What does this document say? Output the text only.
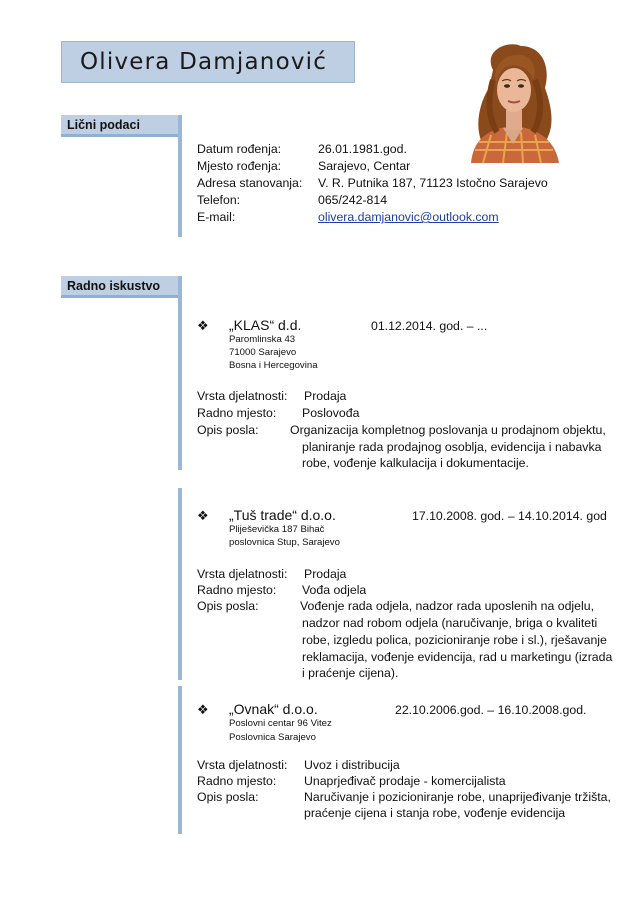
Olivera Damjanović
Lični podaci
Datum rođenja:	26.01.1981.god.
Mjesto rođenja:	Sarajevo, Centar
Adresa stanovanja: V. R. Putnika 187, 71123 Istočno Sarajevo
Telefon:	065/242-814
E-mail:	olivera.damjanovic@outlook.com
Radno iskustvo
❖ „KLAS“ d.d.	01.12.2014. god. – ...
Paromlinska 43
71000 Sarajevo
Bosna i Hercegovina
Vrsta djelatnosti: Prodaja
Radno mjesto: Poslovođa
Opis posla:	Organizacija kompletnog poslovanja u prodajnom objektu,
planiranje rada prodajnog osoblja, evidencija i nabavka
robe, vođenje kalkulacija i dokumentacije.
❖ „Tuš trade“ d.o.o.	17.10.2008. god. – 14.10.2014. god
Pliješevička 187 Bihač
poslovnica Stup, Sarajevo
Vrsta djelatnosti: Prodaja
Radno mjesto: Vođa odjela
Opis posla:	Vođenje rada odjela, nadzor rada uposlenih na odjelu,
nadzor nad robom odjela (naručivanje, briga o kvaliteti
robe, izgledu polica, pozicioniranje robe i sl.), rješavanje
reklamacija, vođenje evidencija, rad u marketingu (izrada
i praćenje cijena).
❖ „Ovnak“ d.o.o.	22.10.2006.god. – 16.10.2008.god.
Poslovni centar 96 Vitez
Poslovnica Sarajevo
Vrsta djelatnosti: Uvoz i distribucija
Radno mjesto: Unaprjeđivač prodaje - komercijalista
Opis posla:	Naručivanje i pozicioniranje robe, unaprijeđivanje tržišta,
praćenje cijena i stanja robe, vođenje evidencija
